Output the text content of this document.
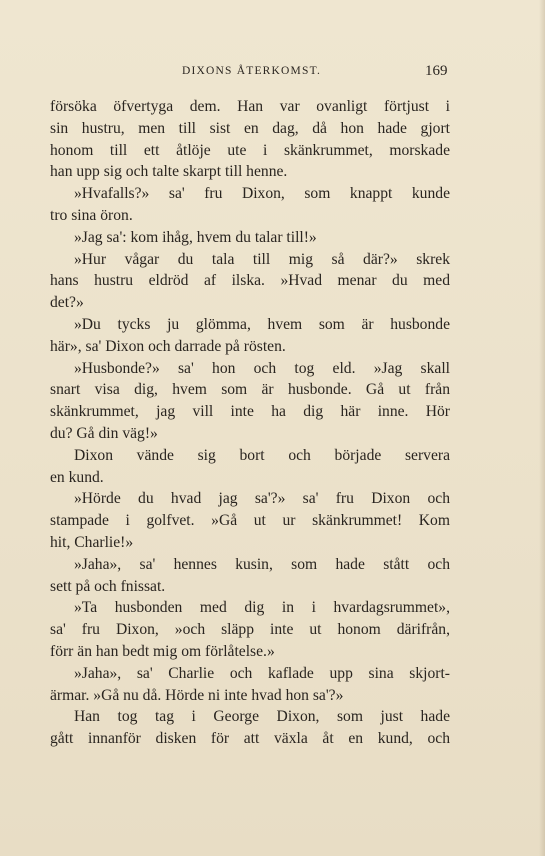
DIXONS ÅTERKOMST.	169

försöka öfvertyga dem. Han var ovanligt förtjust i
sin hustru, men till sist en dag, då hon hade gjort
honom till ett åtlöje ute i skänkrummet, morskade
han upp sig och talte skarpt till henne.

»Hvafalls?» sa' fru Dixon, som knappt kunde
tro sina öron.

»Jag sa': kom ihåg, hvem du talar till!»

»Hur vågar du tala till mig så där?» skrek
hans hustru eldröd af ilska. »Hvad menar du med
det?»

»Du tycks ju glömma, hvem som är husbonde
här», sa' Dixon och darrade på rösten.

»Husbonde?» sa' hon och tog eld. »Jag skall
snart visa dig, hvem som är husbonde. Gå ut från
skänkrummet, jag vill inte ha dig här inne. Hör
du? Gå din väg!»

Dixon vände sig bort och började servera
en kund.

»Hörde du hvad jag sa'?» sa' fru Dixon och
stampade i golfvet. »Gå ut ur skänkrummet! Kom
hit, Charlie!»

»Jaha», sa' hennes kusin, som hade stått och
sett på och fnissat.

»Ta husbonden med dig in i hvardagsrummet»,
sa' fru Dixon, »och släpp inte ut honom därifrån,
förr än han bedt mig om förlåtelse.»

»Jaha», sa' Charlie och kaflade upp sina skjort-
ärmar. »Gå nu då. Hörde ni inte hvad hon sa'?»

Han tog tag i George Dixon, som just hade
gått innanför disken för att växla åt en kund, och
